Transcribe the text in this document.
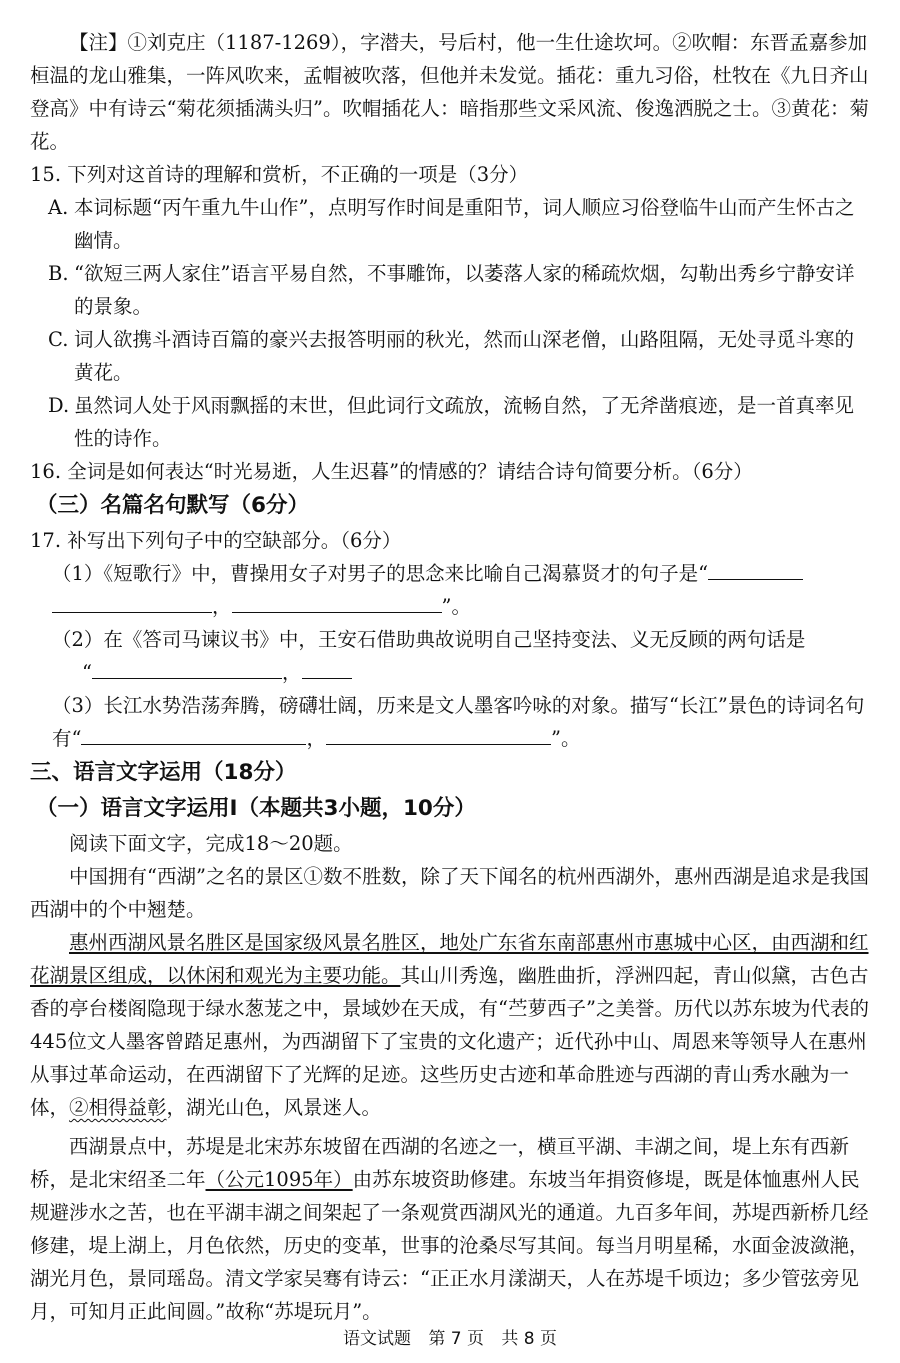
【注】①刘克庄（1187-1269），字潜夫，号后村，他一生仕途坎坷。②吹帽：东晋孟嘉参加桓温的龙山雅集，一阵风吹来，孟帽被吹落，但他并未发觉。插花：重九习俗，杜牧在《九日齐山登高》中有诗云“菊花须插满头归”。吹帽插花人：暗指那些文采风流、俊逸洒脱之士。③黄花：菊花。

15. 下列对这首诗的理解和赏析，不正确的一项是（3分）

A. 本词标题“丙午重九牛山作”，点明写作时间是重阳节，词人顺应习俗登临牛山而产生怀古之幽情。

B. “欲短三两人家住”语言平易自然，不事雕饰，以萎落人家的稀疏炊烟，勾勒出秀乡宁静安详的景象。

C. 词人欲携斗酒诗百篇的豪兴去报答明丽的秋光，然而山深老僧，山路阻隔，无处寻觅斗寒的黄花。

D. 虽然词人处于风雨飘摇的末世，但此词行文疏放，流畅自然，了无斧凿痕迹，是一首真率见性的诗作。

16. 全词是如何表达“时光易逝，人生迟暮”的情感的？请结合诗句简要分析。（6分）

（三）名篇名句默写（6分）

17. 补写出下列句子中的空缺部分。（6分）

（1）《短歌行》中，曹操用女子对男子的思念来比喻自己渴慕贤才的句子是“
，	”。

（2）在《答司马谏议书》中，王安石借助典故说明自己坚持变法、义无反顾的两句话是
“	，

（3）长江水势浩荡奔腾，磅礴壮阔，历来是文人墨客吟咏的对象。描写“长江”景色的诗词名句有“	，	”。

三、语言文字运用（18分）

（一）语言文字运用Ⅰ（本题共3小题，10分）

阅读下面文字，完成18～20题。

中国拥有“西湖”之名的景区①数不胜数，除了天下闻名的杭州西湖外，惠州西湖是追求是我国西湖中的个中翘楚。

惠州西湖风景名胜区是国家级风景名胜区，地处广东省东南部惠州市惠城中心区，由西湖和红花湖景区组成，以休闲和观光为主要功能。其山川秀逸，幽胜曲折，浮洲四起，青山似黛，古色古香的亭台楼阁隐现于绿水葱茏之中，景域妙在天成，有“苎萝西子”之美誉。历代以苏东坡为代表的445位文人墨客曾踏足惠州，为西湖留下了宝贵的文化遗产；近代孙中山、周恩来等领导人在惠州从事过革命运动，在西湖留下了光辉的足迹。这些历史古迹和革命胜迹与西湖的青山秀水融为一体，②相得益彰，湖光山色，风景迷人。

西湖景点中，苏堤是北宋苏东坡留在西湖的名迹之一，横亘平湖、丰湖之间，堤上东有西新桥，是北宋绍圣二年（公元1095年）由苏东坡资助修建。东坡当年捐资修堤，既是体恤惠州人民规避涉水之苦，也在平湖丰湖之间架起了一条观赏西湖风光的通道。九百多年间，苏堤西新桥几经修建，堤上湖上，月色依然，历史的变革，世事的沧桑尽写其间。每当月明星稀，水面金波潋滟，湖光月色，景同瑶岛。清文学家吴骞有诗云：“正正水月漾湖天，人在苏堤千顷边；多少管弦旁见月，可知月正此间圆。”故称“苏堤玩月”。

语文试题 第 7 页 共 8 页
